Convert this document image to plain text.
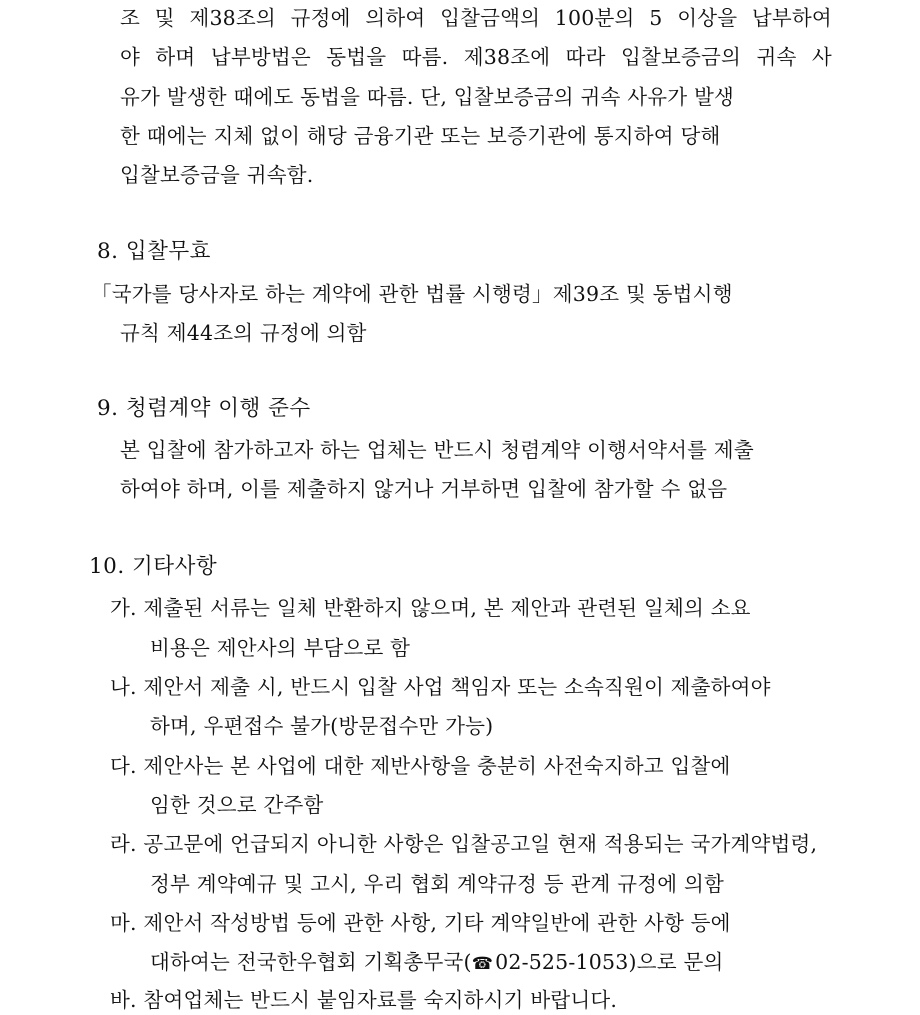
조 및 제38조의 규정에 의하여 입찰금액의 100분의 5 이상을 납부하여
야 하며 납부방법은 동법을 따름. 제38조에 따라 입찰보증금의 귀속 사
유가 발생한 때에도 동법을 따름. 단, 입찰보증금의 귀속 사유가 발생
한 때에는 지체 없이 해당 금융기관 또는 보증기관에 통지하여 당해
입찰보증금을 귀속함.
8. 입찰무효
「국가를 당사자로 하는 계약에 관한 법률 시행령」제39조 및 동법시행
규칙 제44조의 규정에 의함
9. 청렴계약 이행 준수
본 입찰에 참가하고자 하는 업체는 반드시 청렴계약 이행서약서를 제출
하여야 하며, 이를 제출하지 않거나 거부하면 입찰에 참가할 수 없음
10. 기타사항
가. 제출된 서류는 일체 반환하지 않으며, 본 제안과 관련된 일체의 소요
비용은 제안사의 부담으로 함
나. 제안서 제출 시, 반드시 입찰 사업 책임자 또는 소속직원이 제출하여야
하며, 우편접수 불가(방문접수만 가능)
다. 제안사는 본 사업에 대한 제반사항을 충분히 사전숙지하고 입찰에
임한 것으로 간주함
라. 공고문에 언급되지 아니한 사항은 입찰공고일 현재 적용되는 국가계약법령,
정부 계약예규 및 고시, 우리 협회 계약규정 등 관계 규정에 의함
마. 제안서 작성방법 등에 관한 사항, 기타 계약일반에 관한 사항 등에
대하여는 전국한우협회 기획총무국(☎02-525-1053)으로 문의
바. 참여업체는 반드시 붙임자료를 숙지하시기 바랍니다.
